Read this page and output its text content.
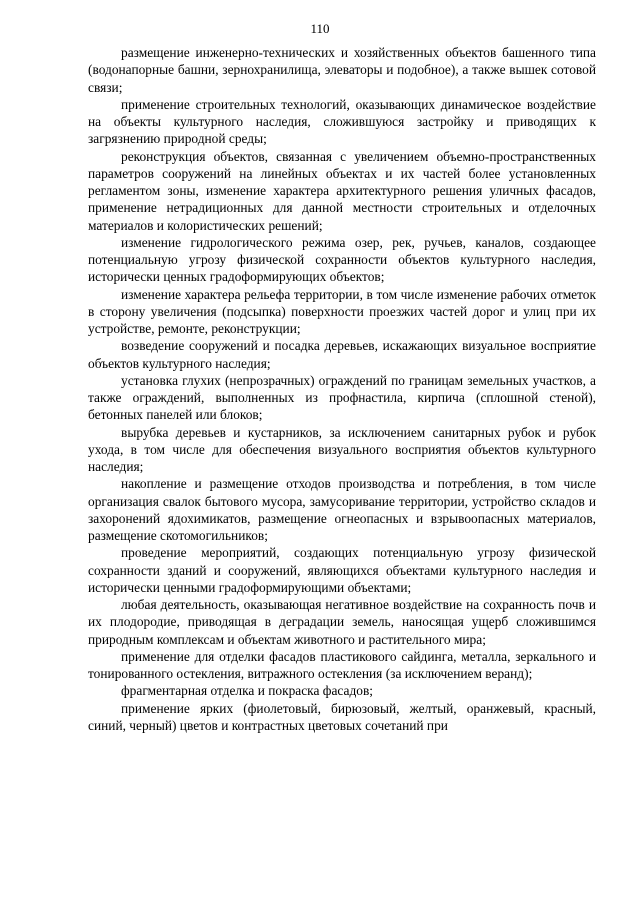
110

размещение инженерно-технических и хозяйственных объектов башенного типа (водонапорные башни, зернохранилища, элеваторы и подобное), а также вышек сотовой связи;

применение строительных технологий, оказывающих динамическое воздействие на объекты культурного наследия, сложившуюся застройку и приводящих к загрязнению природной среды;

реконструкция объектов, связанная с увеличением объемно-пространственных параметров сооружений на линейных объектах и их частей более установленных регламентом зоны, изменение характера архитектурного решения уличных фасадов, применение нетрадиционных для данной местности строительных и отделочных материалов и колористических решений;

изменение гидрологического режима озер, рек, ручьев, каналов, создающее потенциальную угрозу физической сохранности объектов культурного наследия, исторически ценных градоформирующих объектов;

изменение характера рельефа территории, в том числе изменение рабочих отметок в сторону увеличения (подсыпка) поверхности проезжих частей дорог и улиц при их устройстве, ремонте, реконструкции;

возведение сооружений и посадка деревьев, искажающих визуальное восприятие объектов культурного наследия;

установка глухих (непрозрачных) ограждений по границам земельных участков, а также ограждений, выполненных из профнастила, кирпича (сплошной стеной), бетонных панелей или блоков;

вырубка деревьев и кустарников, за исключением санитарных рубок и рубок ухода, в том числе для обеспечения визуального восприятия объектов культурного наследия;

накопление и размещение отходов производства и потребления, в том числе организация свалок бытового мусора, замусоривание территории, устройство складов и захоронений ядохимикатов, размещение огнеопасных и взрывоопасных материалов, размещение скотомогильников;

проведение мероприятий, создающих потенциальную угрозу физической сохранности зданий и сооружений, являющихся объектами культурного наследия и исторически ценными градоформирующими объектами;

любая деятельность, оказывающая негативное воздействие на сохранность почв и их плодородие, приводящая в деградации земель, наносящая ущерб сложившимся природным комплексам и объектам животного и растительного мира;

применение для отделки фасадов пластикового сайдинга, металла, зеркального и тонированного остекления, витражного остекления (за исключением веранд);

фрагментарная отделка и покраска фасадов;

применение ярких (фиолетовый, бирюзовый, желтый, оранжевый, красный, синий, черный) цветов и контрастных цветовых сочетаний при
